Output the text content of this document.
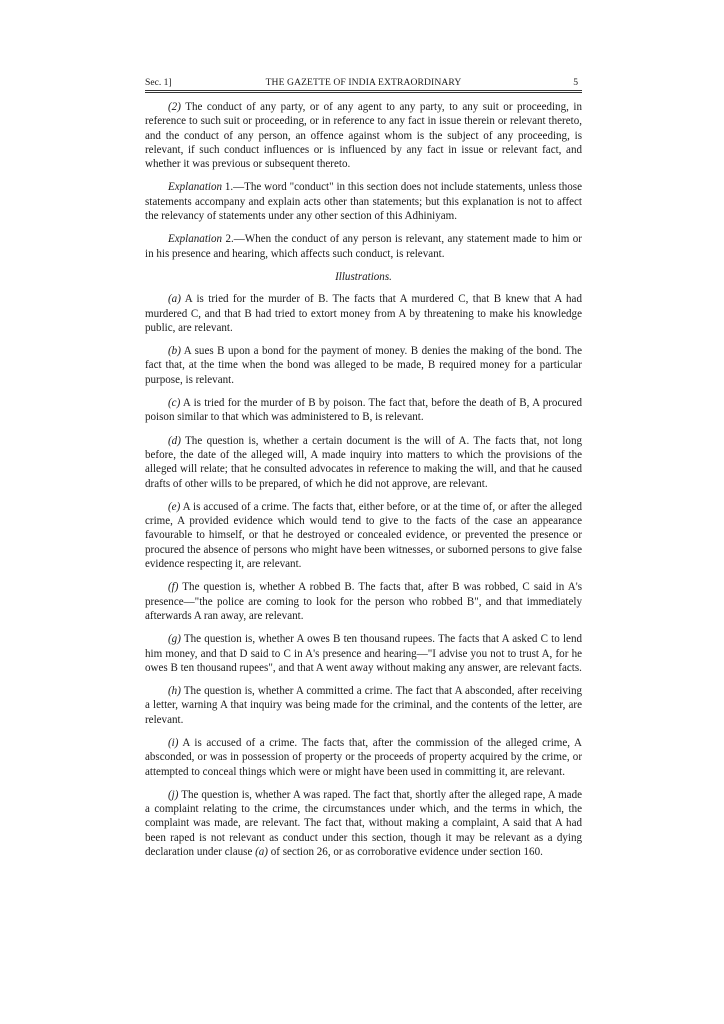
Sec. 1]	THE GAZETTE OF INDIA EXTRAORDINARY	5

(2) The conduct of any party, or of any agent to any party, to any suit or proceeding, in reference to such suit or proceeding, or in reference to any fact in issue therein or relevant thereto, and the conduct of any person, an offence against whom is the subject of any proceeding, is relevant, if such conduct influences or is influenced by any fact in issue or relevant fact, and whether it was previous or subsequent thereto.

Explanation 1.—The word "conduct" in this section does not include statements, unless those statements accompany and explain acts other than statements; but this explanation is not to affect the relevancy of statements under any other section of this Adhiniyam.

Explanation 2.—When the conduct of any person is relevant, any statement made to him or in his presence and hearing, which affects such conduct, is relevant.

Illustrations.

(a) A is tried for the murder of B. The facts that A murdered C, that B knew that A had murdered C, and that B had tried to extort money from A by threatening to make his knowledge public, are relevant.

(b) A sues B upon a bond for the payment of money. B denies the making of the bond. The fact that, at the time when the bond was alleged to be made, B required money for a particular purpose, is relevant.

(c) A is tried for the murder of B by poison. The fact that, before the death of B, A procured poison similar to that which was administered to B, is relevant.

(d) The question is, whether a certain document is the will of A. The facts that, not long before, the date of the alleged will, A made inquiry into matters to which the provisions of the alleged will relate; that he consulted advocates in reference to making the will, and that he caused drafts of other wills to be prepared, of which he did not approve, are relevant.

(e) A is accused of a crime. The facts that, either before, or at the time of, or after the alleged crime, A provided evidence which would tend to give to the facts of the case an appearance favourable to himself, or that he destroyed or concealed evidence, or prevented the presence or procured the absence of persons who might have been witnesses, or suborned persons to give false evidence respecting it, are relevant.

(f) The question is, whether A robbed B. The facts that, after B was robbed, C said in A's presence—"the police are coming to look for the person who robbed B", and that immediately afterwards A ran away, are relevant.

(g) The question is, whether A owes B ten thousand rupees. The facts that A asked C to lend him money, and that D said to C in A's presence and hearing—"I advise you not to trust A, for he owes B ten thousand rupees", and that A went away without making any answer, are relevant facts.

(h) The question is, whether A committed a crime. The fact that A absconded, after receiving a letter, warning A that inquiry was being made for the criminal, and the contents of the letter, are relevant.

(i) A is accused of a crime. The facts that, after the commission of the alleged crime, A absconded, or was in possession of property or the proceeds of property acquired by the crime, or attempted to conceal things which were or might have been used in committing it, are relevant.

(j) The question is, whether A was raped. The fact that, shortly after the alleged rape, A made a complaint relating to the crime, the circumstances under which, and the terms in which, the complaint was made, are relevant. The fact that, without making a complaint, A said that A had been raped is not relevant as conduct under this section, though it may be relevant as a dying declaration under clause (a) of section 26, or as corroborative evidence under section 160.
